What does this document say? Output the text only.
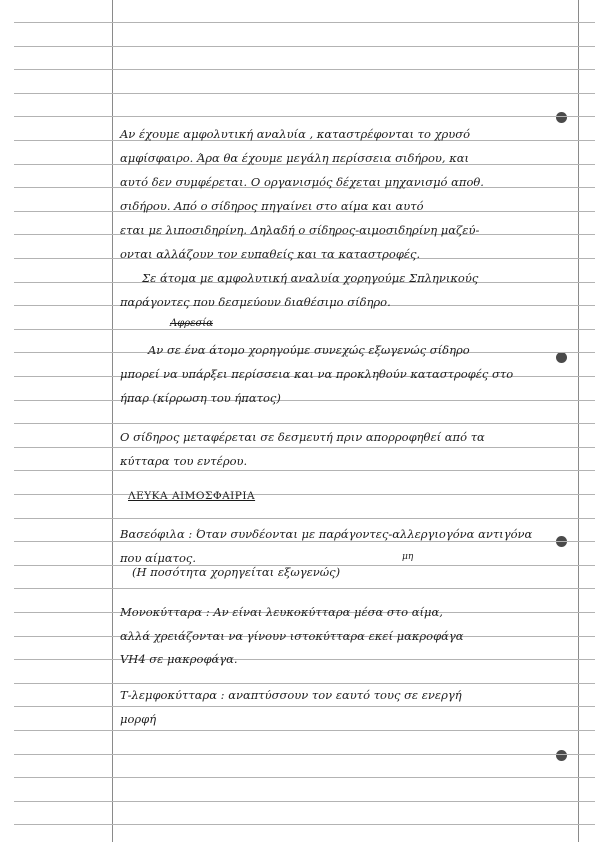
Αν έχουμε αμφολυτική αναλυία , καταστρέφονται το χρυσό
αμφίσφαιρο. Άρα θα έχουμε μεγάλη περίσσεια σιδήρου, και
αυτό δεν συμφέρεται. Ο οργανισμός δέχεται μηχανισμό αποθ.
σιδήρου. Από ο σίδηρος πηγαίνει στο αίμα και αυτό
εται με λιποσιδηρίνη. Δηλαδή ο σίδηρος-αιμοσιδηρίνη μαζεύ-
ονται αλλάζουν τον ευπαθείς και τα καταστροφές.
Σε άτομα με αμφολυτική αναλυία χορηγούμε Σπληνικούς
παράγοντες που δεσμεύουν διαθέσιμο σίδηρο.
Αφρεσία
Αν σε ένα άτομο χορηγούμε συνεχώς εξωγενώς σίδηρο
μπορεί να υπάρξει περίσσεια και να προκληθούν καταστροφές στο
ήπαρ (κίρρωση του ήπατος)
Ο σίδηρος μεταφέρεται σε δεσμευτή πριν απορροφηθεί από τα
κύτταρα του εντέρου.
ΛΕΥΚΑ ΑΙΜΟΣΦΑΙΡΙΑ
Βασεόφιλα : Όταν συνδέονται με παράγοντες-αλλεργιογόνα αντιγόνα
που αίματος.	μη
(Η ποσότητα χορηγείται εξωγενώς)
Μονοκύτταρα : Αν είναι λευκοκύτταρα μέσα στο αίμα,
αλλά χρειάζονται να γίνουν ιστοκύτταρα εκεί μακροφάγα
VH4 σε μακροφάγα.
Τ-λεμφοκύτταρα : αναπτύσσουν τον εαυτό τους σε ενεργή
μορφή
